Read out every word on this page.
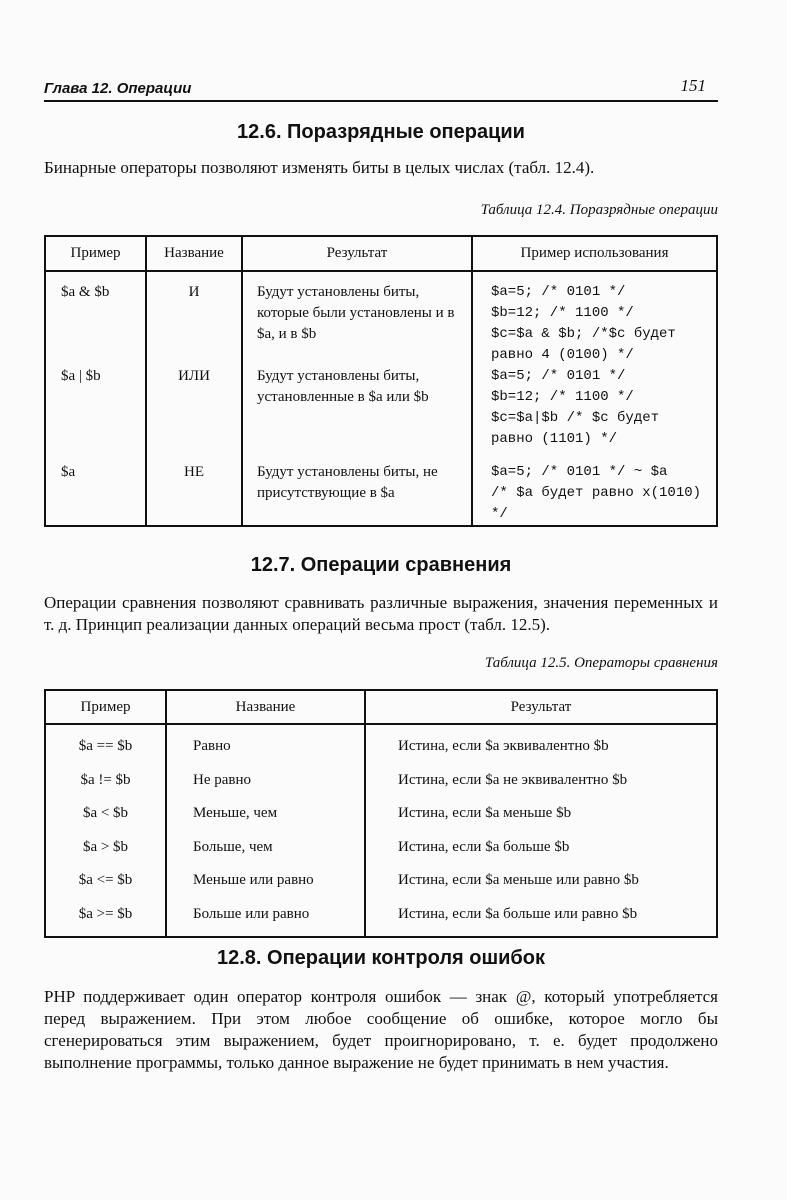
Глава 12. Операции	151
12.6. Поразрядные операции

Бинарные операторы позволяют изменять биты в целых числах (табл. 12.4).

Таблица 12.4. Поразрядные операции
Пример	Название	Результат	Пример использования
$a & $b	И	Будут установлены биты, которые были установлены и в $a, и в $b	$a=5; /* 0101 */
$b=12; /* 1100 */
$c=$a & $b; /*$c будет
равно 4 (0100) */

$a | $b	ИЛИ	Будут установлены биты, установленные в $a или $b	$a=5; /* 0101 */
$b=12; /* 1100 */
$c=$a|$b /* $c будет
равно (1101) */

$a	НЕ	Будут установлены биты, не присутствующие в $a	$a=5; /* 0101 */ ~ $a
/* $a будет равно x(1010) */
12.7. Операции сравнения

Операции сравнения позволяют сравнивать различные выражения, значения переменных и т. д. Принцип реализации данных операций весьма прост (табл. 12.5).

Таблица 12.5. Операторы сравнения
Пример	Название	Результат
$a == $b	Равно	Истина, если $a эквивалентно $b
$a != $b	Не равно	Истина, если $a не эквивалентно $b
$a < $b	Меньше, чем	Истина, если $a меньше $b
$a > $b	Больше, чем	Истина, если $a больше $b
$a <= $b	Меньше или равно	Истина, если $a меньше или равно $b
$a >= $b	Больше или равно	Истина, если $a больше или равно $b
12.8. Операции контроля ошибок

PHP поддерживает один оператор контроля ошибок — знак @, который употребляется перед выражением. При этом любое сообщение об ошибке, которое могло бы сгенерироваться этим выражением, будет проигнорировано, т. е. будет продолжено выполнение программы, только данное выражение не будет принимать в нем участия.
